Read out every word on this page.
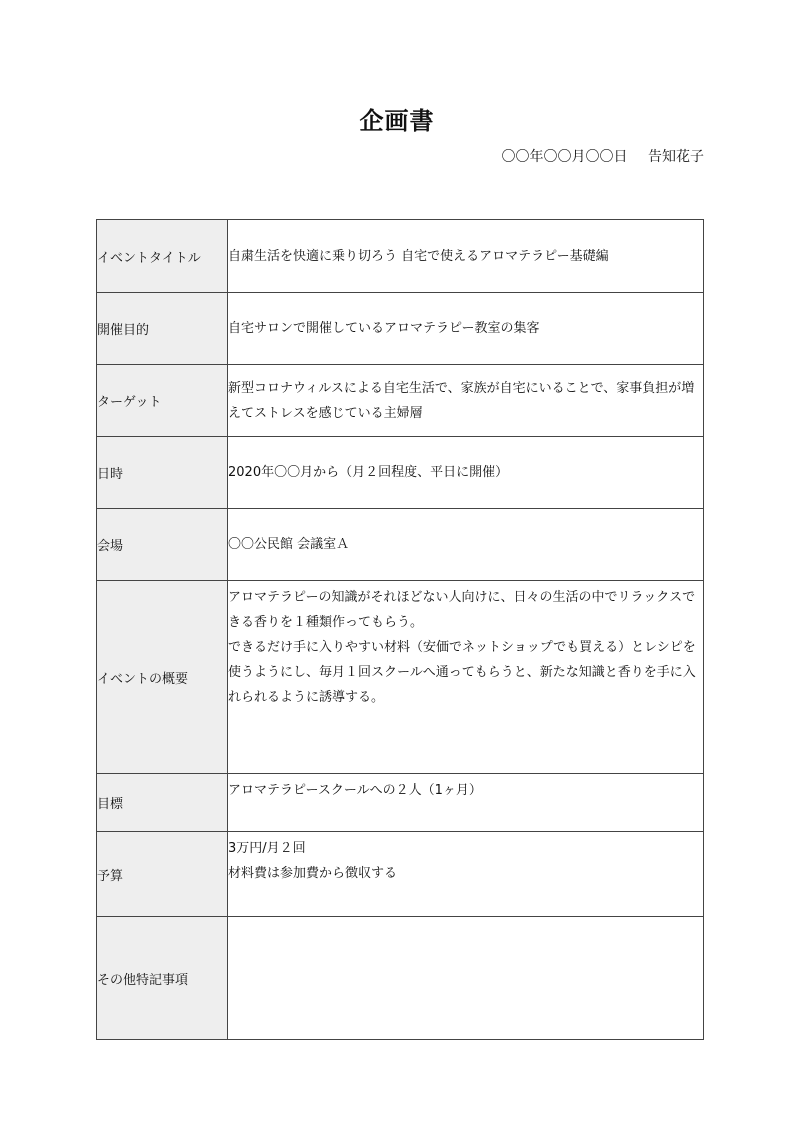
企画書
〇〇年〇〇月〇〇日 告知花子
イベントタイトル	自粛生活を快適に乗り切ろう 自宅で使えるアロマテラピー基礎編

開催目的	自宅サロンで開催しているアロマテラピー教室の集客

ターゲット	新型コロナウィルスによる自宅生活で、家族が自宅にいることで、家事負担が増えてストレスを感じている主婦層

日時	2020年〇〇月から（月２回程度、平日に開催）

会場	〇〇公民館 会議室Ａ

イベントの概要	アロマテラピーの知識がそれほどない人向けに、日々の生活の中でリラックスできる香りを１種類作ってもらう。
できるだけ手に入りやすい材料（安価でネットショップでも買える）とレシピを使うようにし、毎月１回スクールへ通ってもらうと、新たな知識と香りを手に入れられるように誘導する。

目標	アロマテラピースクールへの２人（1ヶ月）

予算	3万円/月２回
材料費は参加費から徴収する

その他特記事項	
